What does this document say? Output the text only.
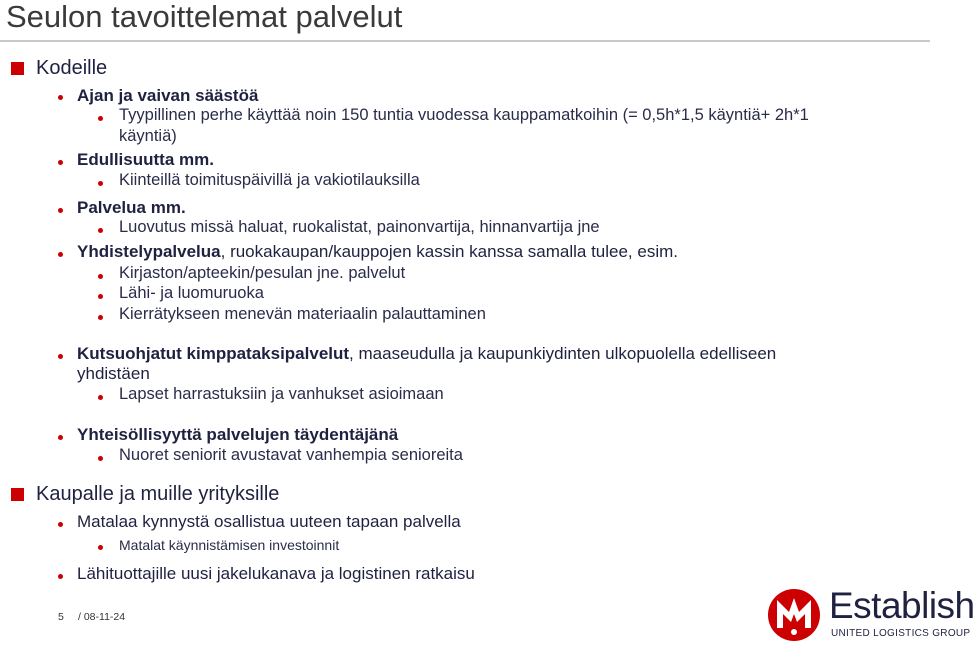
Seulon tavoittelemat palvelut
Kodeille
Ajan ja vaivan säästöä
Tyypillinen perhe käyttää noin 150 tuntia vuodessa kauppamatkoihin (= 0,5h*1,5 käyntiä+ 2h*1
käyntiä)
Edullisuutta mm.
Kiinteillä toimituspäivillä ja vakiotilauksilla
Palvelua mm.
Luovutus missä haluat, ruokalistat, painonvartija, hinnanvartija jne
Yhdistelypalvelua, ruokakaupan/kauppojen kassin kanssa samalla tulee, esim.
Kirjaston/apteekin/pesulan jne. palvelut
Lähi- ja luomuruoka
Kierrätykseen menevän materiaalin palauttaminen
Kutsuohjatut kimppataksipalvelut, maaseudulla ja kaupunkiydinten ulkopuolella edelliseen
yhdistäen
Lapset harrastuksiin ja vanhukset asioimaan
Yhteisöllisyyttä palvelujen täydentäjänä
Nuoret seniorit avustavat vanhempia senioreita
Kaupalle ja muille yrityksille
Matalaa kynnystä osallistua uuteen tapaan palvella
Matalat käynnistämisen investoinnit
Lähituottajille uusi jakelukanava ja logistinen ratkaisu
5 / 08-11-24	Establish
UNITED LOGISTICS GROUP
